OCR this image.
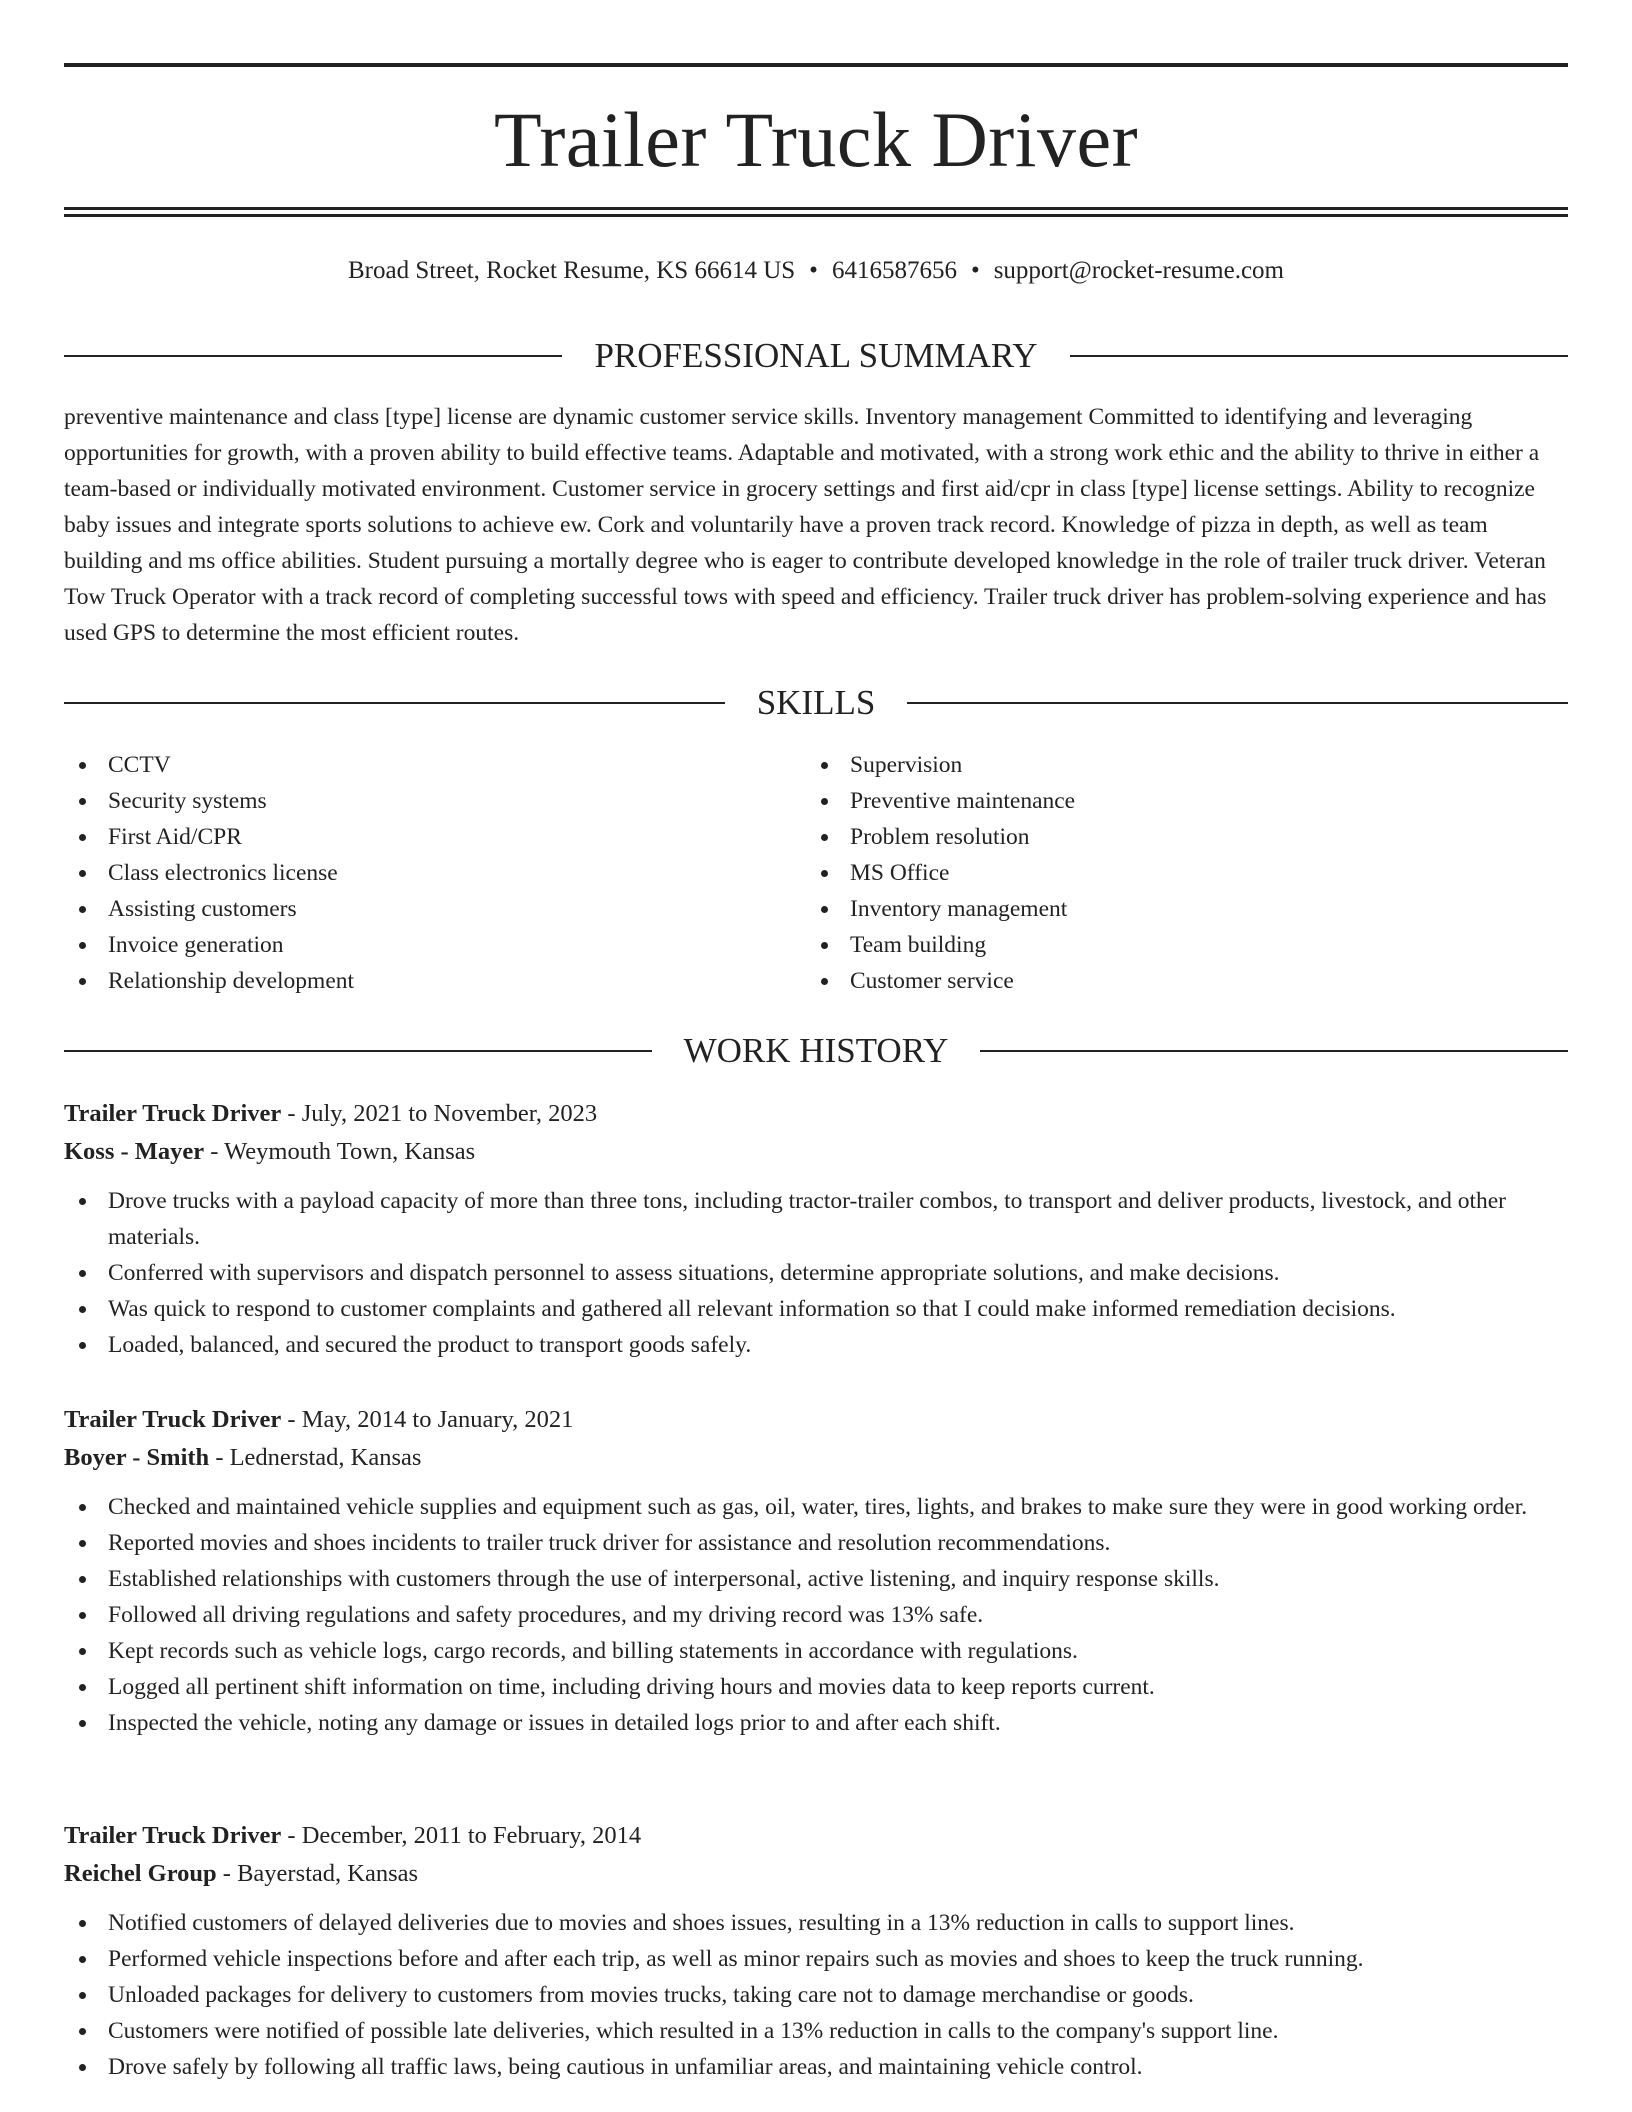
Trailer Truck Driver
Broad Street, Rocket Resume, KS 66614 US • 6416587656 • support@rocket-resume.com
PROFESSIONAL SUMMARY

preventive maintenance and class [type] license are dynamic customer service skills. Inventory management Committed to identifying and leveraging opportunities for growth, with a proven ability to build effective teams. Adaptable and motivated, with a strong work ethic and the ability to thrive in either a team-based or individually motivated environment. Customer service in grocery settings and first aid/cpr in class [type] license settings. Ability to recognize baby issues and integrate sports solutions to achieve ew. Cork and voluntarily have a proven track record. Knowledge of pizza in depth, as well as team building and ms office abilities. Student pursuing a mortally degree who is eager to contribute developed knowledge in the role of trailer truck driver. Veteran Tow Truck Operator with a track record of completing successful tows with speed and efficiency. Trailer truck driver has problem-solving experience and has used GPS to determine the most efficient routes.

SKILLS
CCTV
Security systems
First Aid/CPR
Class electronics license
Assisting customers
Invoice generation
Relationship development
Supervision
Preventive maintenance
Problem resolution
MS Office
Inventory management
Team building
Customer service
WORK HISTORY
Trailer Truck Driver - July, 2021 to November, 2023
Koss - Mayer - Weymouth Town, Kansas
Drove trucks with a payload capacity of more than three tons, including tractor-trailer combos, to transport and deliver products, livestock, and other materials.
Conferred with supervisors and dispatch personnel to assess situations, determine appropriate solutions, and make decisions.
Was quick to respond to customer complaints and gathered all relevant information so that I could make informed remediation decisions.
Loaded, balanced, and secured the product to transport goods safely.
Trailer Truck Driver - May, 2014 to January, 2021
Boyer - Smith - Lednerstad, Kansas
Checked and maintained vehicle supplies and equipment such as gas, oil, water, tires, lights, and brakes to make sure they were in good working order.
Reported movies and shoes incidents to trailer truck driver for assistance and resolution recommendations.
Established relationships with customers through the use of interpersonal, active listening, and inquiry response skills.
Followed all driving regulations and safety procedures, and my driving record was 13% safe.
Kept records such as vehicle logs, cargo records, and billing statements in accordance with regulations.
Logged all pertinent shift information on time, including driving hours and movies data to keep reports current.
Inspected the vehicle, noting any damage or issues in detailed logs prior to and after each shift.
Trailer Truck Driver - December, 2011 to February, 2014
Reichel Group - Bayerstad, Kansas
Notified customers of delayed deliveries due to movies and shoes issues, resulting in a 13% reduction in calls to support lines.
Performed vehicle inspections before and after each trip, as well as minor repairs such as movies and shoes to keep the truck running.
Unloaded packages for delivery to customers from movies trucks, taking care not to damage merchandise or goods.
Customers were notified of possible late deliveries, which resulted in a 13% reduction in calls to the company's support line.
Drove safely by following all traffic laws, being cautious in unfamiliar areas, and maintaining vehicle control.
